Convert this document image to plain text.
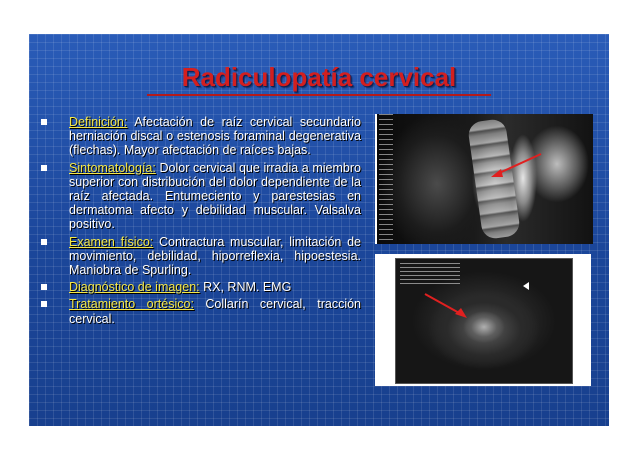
Radiculopatía cervical
Definición: Afectación de raíz cervical secundario herniación discal o estenosis foraminal degenerativa (flechas). Mayor afectación de raíces bajas.
Sintomatología: Dolor cervical que irradia a miembro superior con distribución del dolor dependiente de la raíz afectada. Entumeciento y parestesias en dermatoma afecto y debilidad muscular. Valsalva positivo.
Examen físico: Contractura muscular, limitación de movimiento, debilidad, hiporreflexia, hipoestesia. Maniobra de Spurling.
Diagnóstico de imagen: RX, RNM. EMG
Tratamiento ortésico: Collarín cervical, tracción cervical.
